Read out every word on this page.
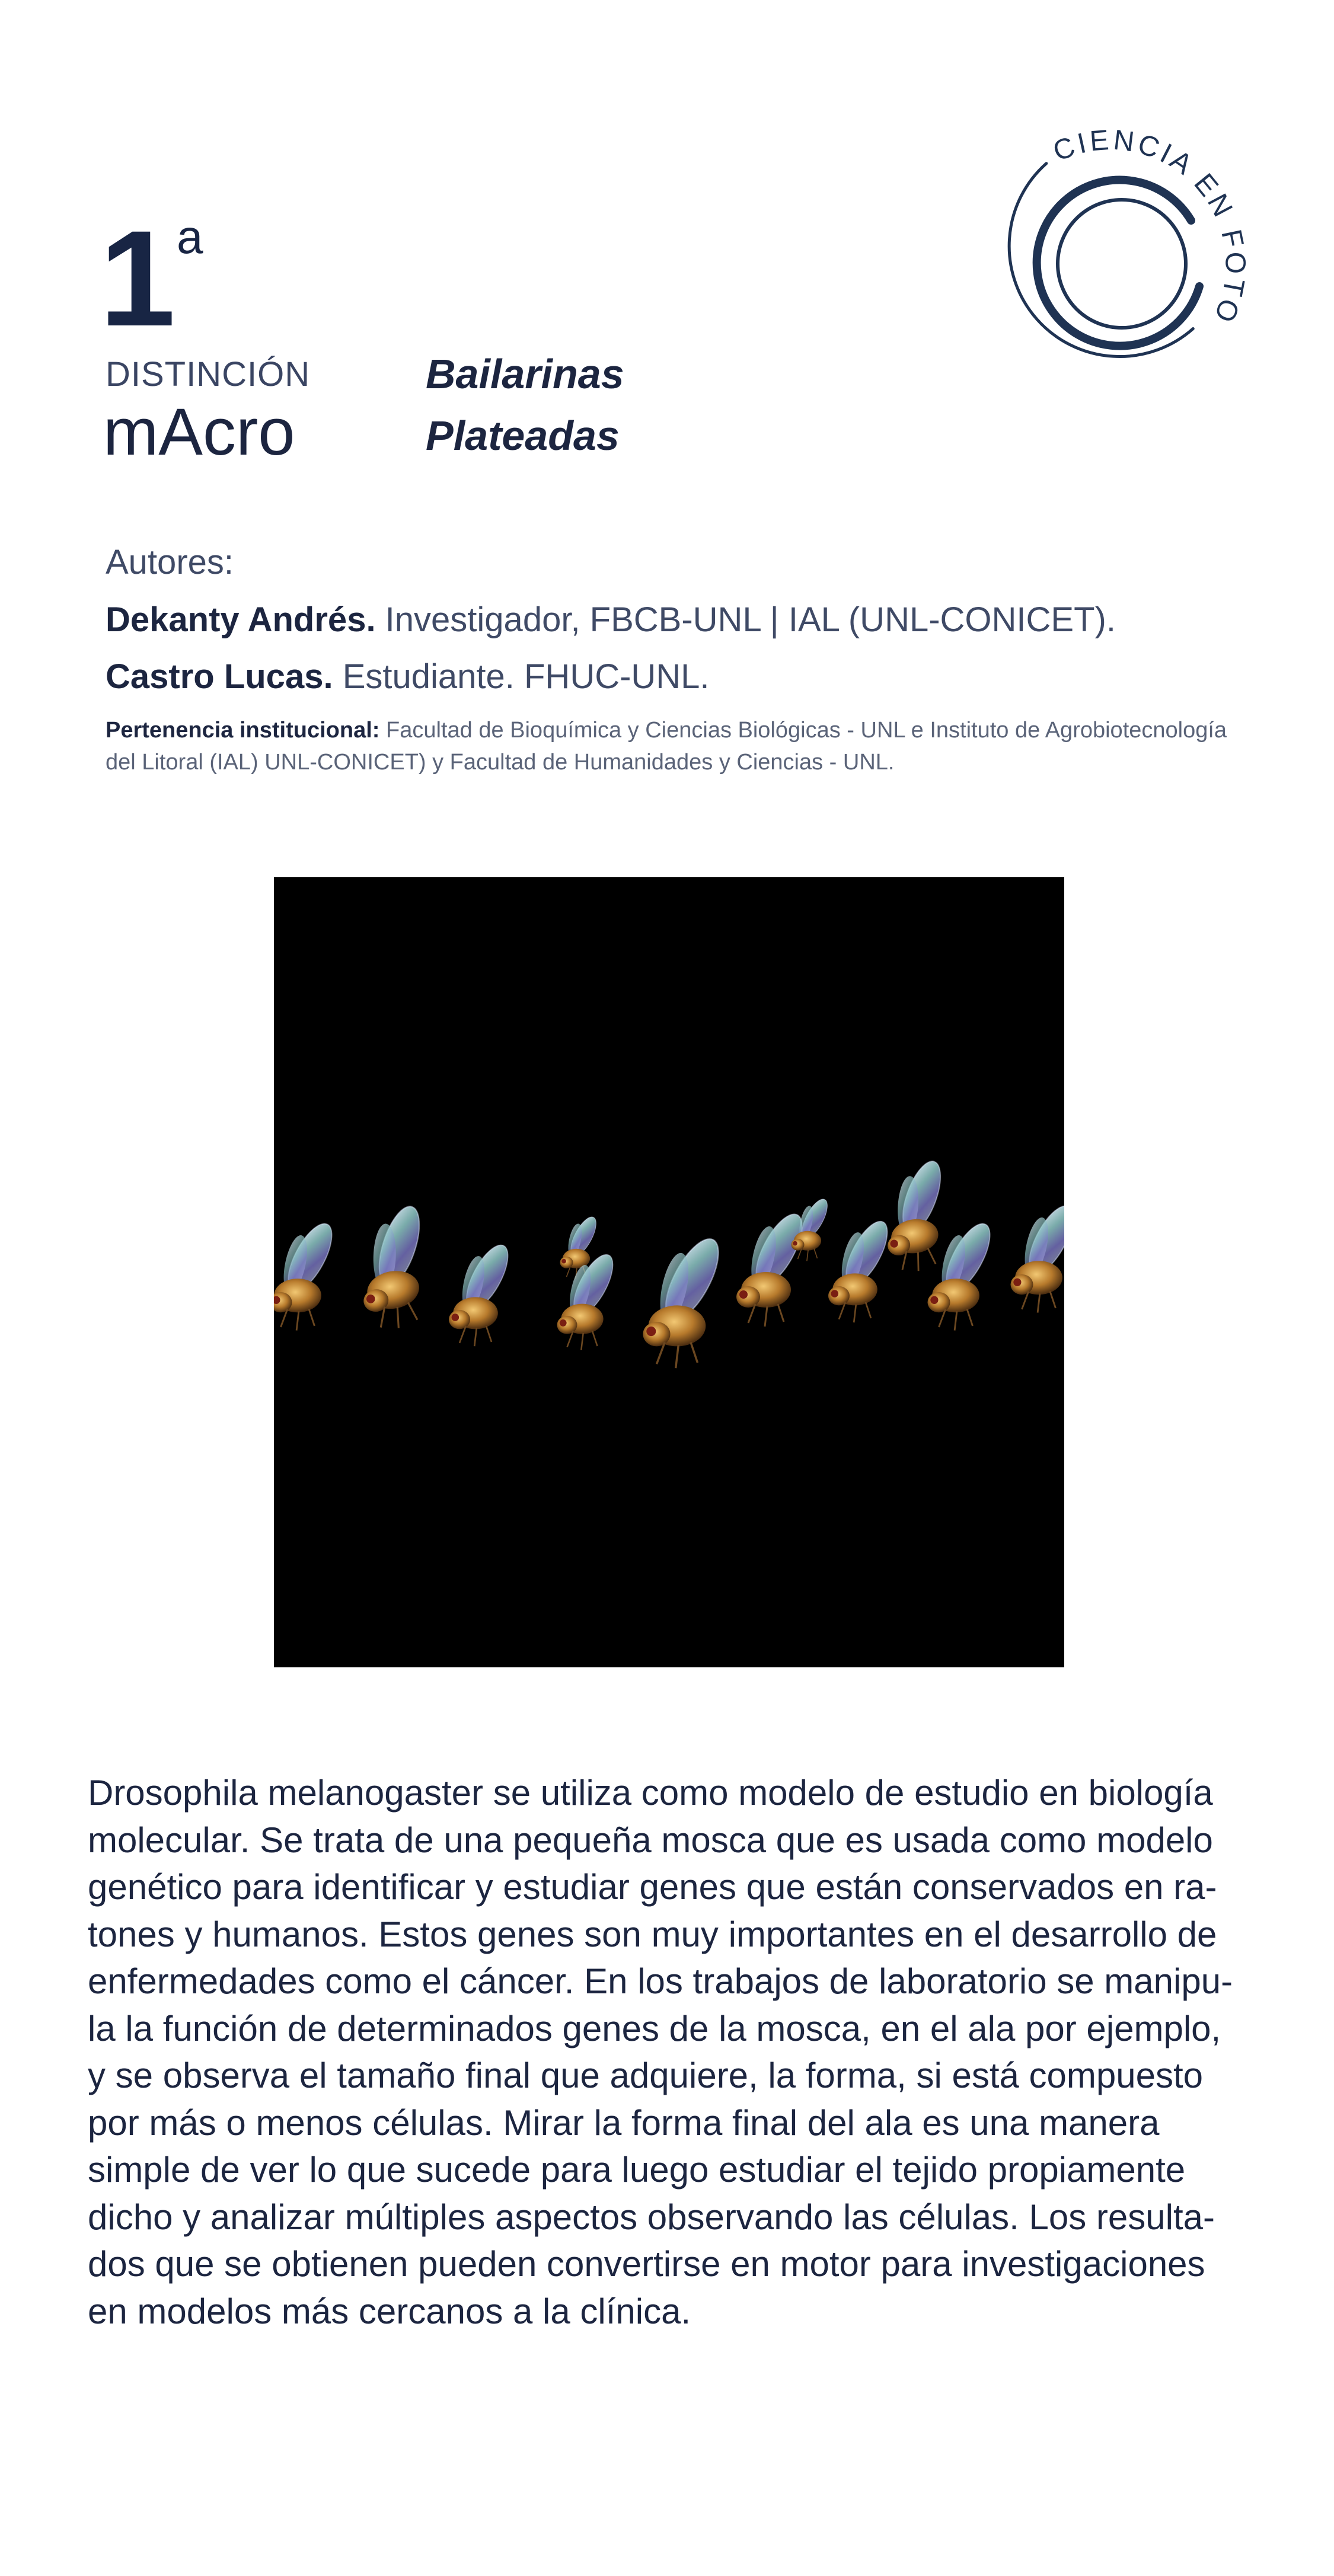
1 a
DISTINCIÓN
mAcro
Bailarinas
Plateadas
CIENCIA EN FOTO
Autores:
Dekanty Andrés. Investigador, FBCB-UNL | IAL (UNL-CONICET).
Castro Lucas. Estudiante. FHUC-UNL.
Pertenencia institucional: Facultad de Bioquímica y Ciencias Biológicas - UNL e Instituto de Agrobiotecnología del Litoral (IAL) UNL-CONICET) y Facultad de Humanidades y Ciencias - UNL.
Drosophila melanogaster se utiliza como modelo de estudio en biología
molecular. Se trata de una pequeña mosca que es usada como modelo
genético para identificar y estudiar genes que están conservados en ra-
tones y humanos. Estos genes son muy importantes en el desarrollo de
enfermedades como el cáncer. En los trabajos de laboratorio se manipu-
la la función de determinados genes de la mosca, en el ala por ejemplo,
y se observa el tamaño final que adquiere, la forma, si está compuesto
por más o menos células. Mirar la forma final del ala es una manera
simple de ver lo que sucede para luego estudiar el tejido propiamente
dicho y analizar múltiples aspectos observando las células. Los resulta-
dos que se obtienen pueden convertirse en motor para investigaciones
en modelos más cercanos a la clínica.
